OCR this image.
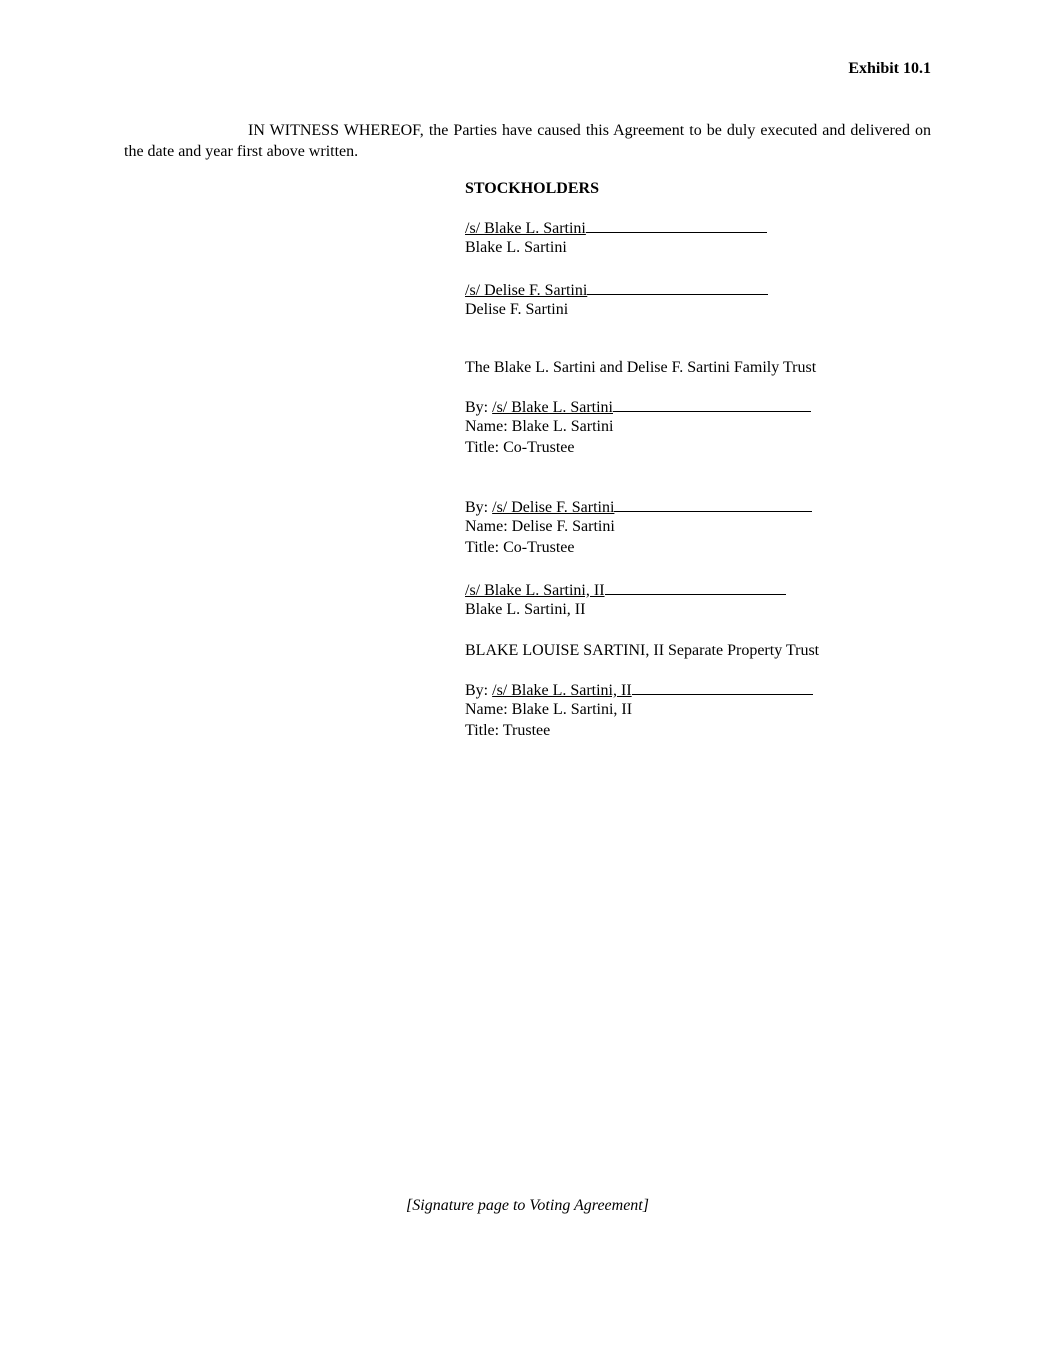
Exhibit 10.1
IN WITNESS WHEREOF, the Parties have caused this Agreement to be duly executed and delivered on the date and year first above written.
STOCKHOLDERS
/s/ Blake L. Sartini
Blake L. Sartini
/s/ Delise F. Sartini
Delise F. Sartini
The Blake L. Sartini and Delise F. Sartini Family Trust
By: /s/ Blake L. Sartini
Name: Blake L. Sartini
Title: Co-Trustee
By: /s/ Delise F. Sartini
Name: Delise F. Sartini
Title: Co-Trustee
/s/ Blake L. Sartini, II
Blake L. Sartini, II
BLAKE LOUISE SARTINI, II Separate Property Trust
By: /s/ Blake L. Sartini, II
Name: Blake L. Sartini, II
Title: Trustee
[Signature page to Voting Agreement]
